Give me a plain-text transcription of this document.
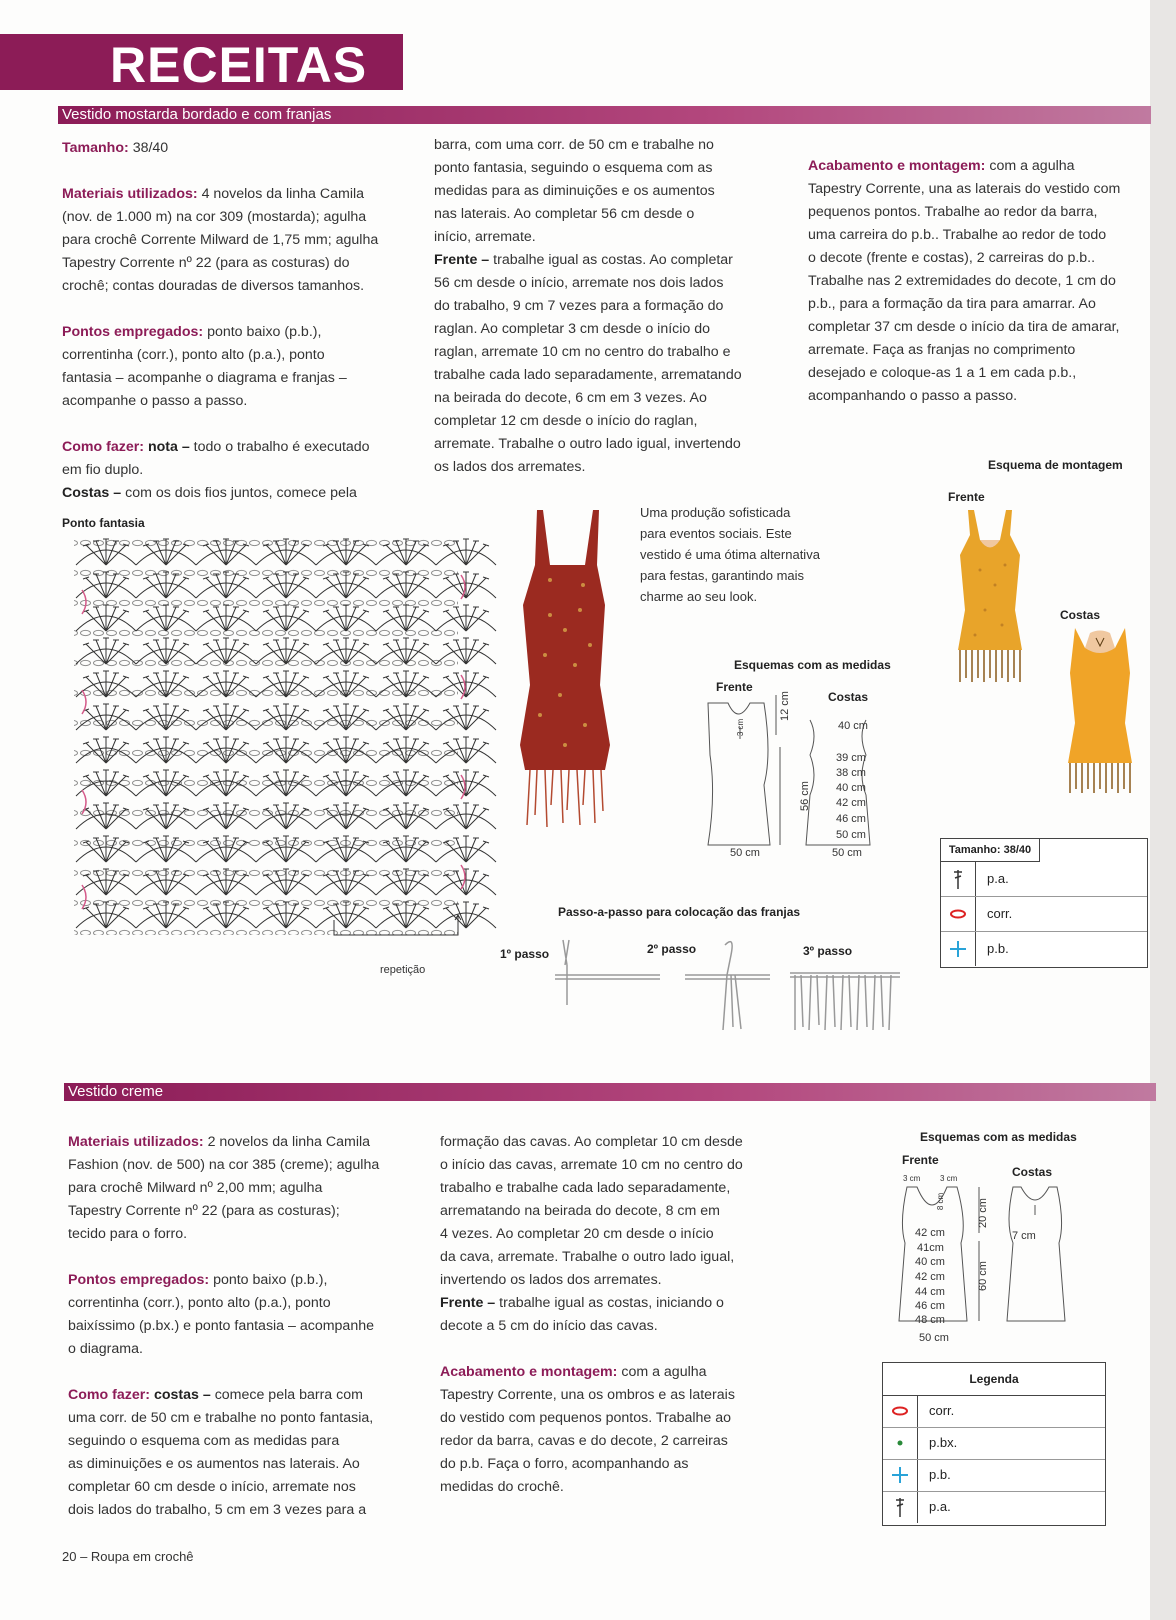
RECEITAS
Vestido mostarda bordado e com franjas

Tamanho: 38/40

Materiais utilizados: 4 novelos da linha Camila

(nov. de 1.000 m) na cor 309 (mostarda); agulha

para crochê Corrente Milward de 1,75 mm; agulha

Tapestry Corrente nº 22 (para as costuras) do

crochê; contas douradas de diversos tamanhos.

Pontos empregados: ponto baixo (p.b.),

correntinha (corr.), ponto alto (p.a.), ponto

fantasia – acompanhe o diagrama e franjas –

acompanhe o passo a passo.

Como fazer: nota – todo o trabalho é executado

em fio duplo.

Costas – com os dois fios juntos, comece pela

barra, com uma corr. de 50 cm e trabalhe no

ponto fantasia, seguindo o esquema com as

medidas para as diminuições e os aumentos

nas laterais. Ao completar 56 cm desde o

início, arremate.

Frente – trabalhe igual as costas. Ao completar

56 cm desde o início, arremate nos dois lados

do trabalho, 9 cm 7 vezes para a formação do

raglan. Ao completar 3 cm desde o início do

raglan, arremate 10 cm no centro do trabalho e

trabalhe cada lado separadamente, arrematando

na beirada do decote, 6 cm em 3 vezes. Ao

completar 12 cm desde o início do raglan,

arremate. Trabalhe o outro lado igual, invertendo

os lados dos arremates.

Acabamento e montagem: com a agulha

Tapestry Corrente, una as laterais do vestido com

pequenos pontos. Trabalhe ao redor da barra,

uma carreira do p.b.. Trabalhe ao redor de todo

o decote (frente e costas), 2 carreiras do p.b..

Trabalhe nas 2 extremidades do decote, 1 cm do

p.b., para a formação da tira para amarrar. Ao

completar 37 cm desde o início da tira de amarar,

arremate. Faça as franjas no comprimento

desejado e coloque-as 1 a 1 em cada p.b.,

acompanhando o passo a passo.

Ponto fantasia
repetição

Uma produção sofisticada

para eventos sociais. Este

vestido é uma ótima alternativa

para festas, garantindo mais

charme ao seu look.

Esquema de montagem
Frente
Costas
Esquemas com as medidas
Frente
Costas
12 cm
3 cm
56 cm
50 cm
40 cm
39 cm
38 cm
40 cm
42 cm
46 cm
50 cm
50 cm	Tamanho: 38/40
p.a.
corr.
p.b.
Passo-a-passo para colocação das franjas
1º passo	2º passo	3º passo
Vestido creme

Materiais utilizados: 2 novelos da linha Camila

Fashion (nov. de 500) na cor 385 (creme); agulha

para crochê Milward nº 2,00 mm; agulha

Tapestry Corrente nº 22 (para as costuras);

tecido para o forro.

Pontos empregados: ponto baixo (p.b.),

correntinha (corr.), ponto alto (p.a.), ponto

baixíssimo (p.bx.) e ponto fantasia – acompanhe

o diagrama.

Como fazer: costas – comece pela barra com

uma corr. de 50 cm e trabalhe no ponto fantasia,

seguindo o esquema com as medidas para

as diminuições e os aumentos nas laterais. Ao

completar 60 cm desde o início, arremate nos

dois lados do trabalho, 5 cm em 3 vezes para a

formação das cavas. Ao completar 10 cm desde

o início das cavas, arremate 10 cm no centro do

trabalho e trabalhe cada lado separadamente,

arrematando na beirada do decote, 8 cm em

4 vezes. Ao completar 20 cm desde o início

da cava, arremate. Trabalhe o outro lado igual,

invertendo os lados dos arremates.

Frente – trabalhe igual as costas, iniciando o

decote a 5 cm do início das cavas.

Acabamento e montagem: com a agulha

Tapestry Corrente, una os ombros e as laterais

do vestido com pequenos pontos. Trabalhe ao

redor da barra, cavas e do decote, 2 carreiras

do p.b. Faça o forro, acompanhando as

medidas do crochê.

Esquemas com as medidas
Frente
Costas
3 cm 3 cm
8 cm	20 cm
60 cm
50 cm
42 cm
41cm
40 cm
42 cm
44 cm
46 cm
48 cm
7 cm
Legenda
corr.
p.bx.
p.b.
p.a.
20 – Roupa em crochê
